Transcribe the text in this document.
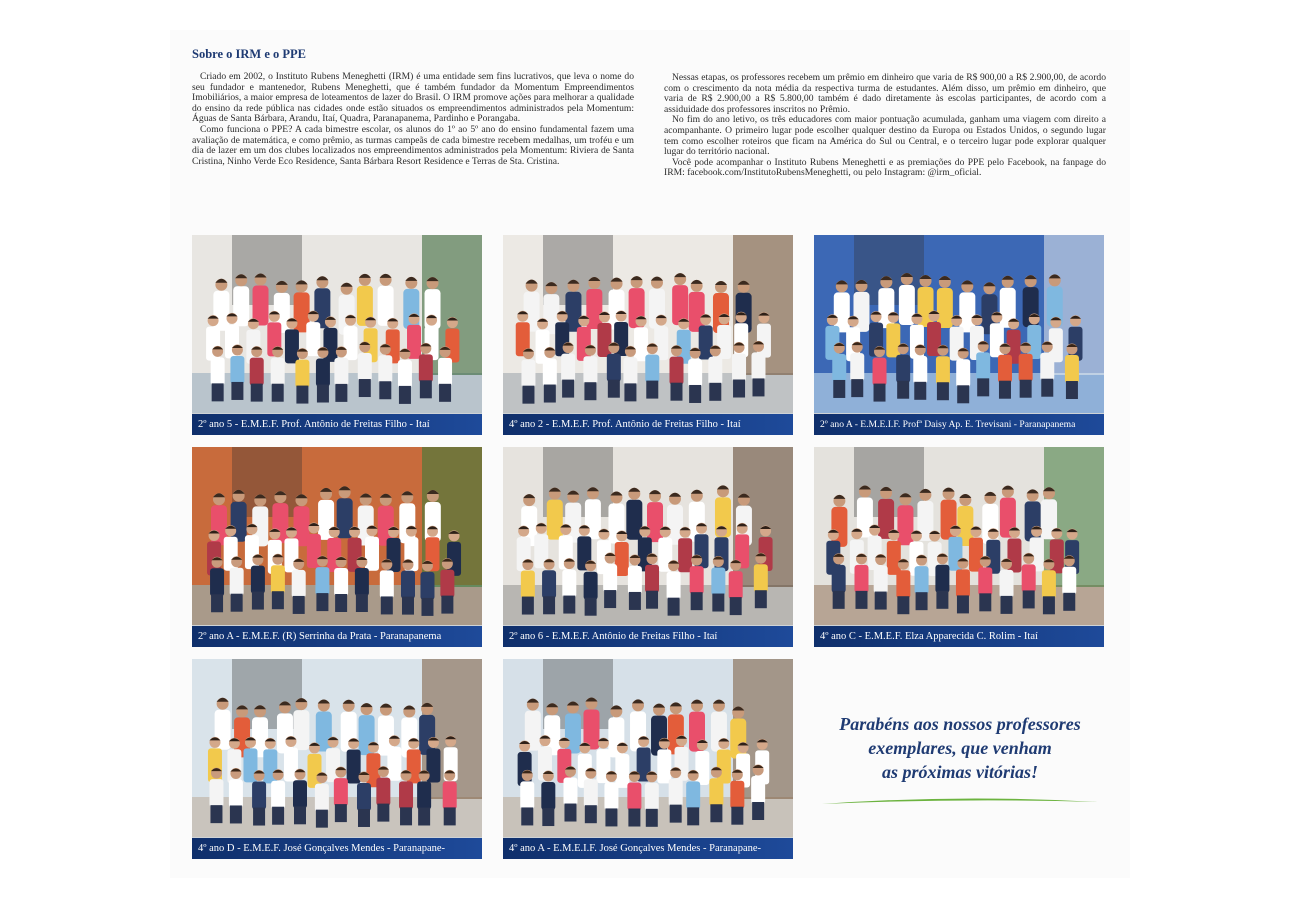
Sobre o IRM e o PPE

Criado em 2002, o Instituto Rubens Meneghetti (IRM) é uma entidade sem fins lucrativos, que leva o nome do seu fundador e mantenedor, Rubens Meneghetti, que é também fundador da Momentum Empreendimentos Imobiliários, a maior empresa de loteamentos de lazer do Brasil. O IRM promove ações para melhorar a qualidade do ensino da rede pública nas cidades onde estão situados os empreendimentos administrados pela Momentum: Águas de Santa Bárbara, Arandu, Itaí, Quadra, Paranapanema, Pardinho e Porangaba.

Como funciona o PPE? A cada bimestre escolar, os alunos do 1º ao 5º ano do ensino fundamental fazem uma avaliação de matemática, e como prêmio, as turmas campeãs de cada bimestre recebem medalhas, um troféu e um dia de lazer em um dos clubes localizados nos empreendimentos administrados pela Momentum: Riviera de Santa Cristina, Ninho Verde Eco Residence, Santa Bárbara Resort Residence e Terras de Sta. Cristina.

Nessas etapas, os professores recebem um prêmio em dinheiro que varia de R$ 900,00 a R$ 2.900,00, de acordo com o crescimento da nota média da respectiva turma de estudantes. Além disso, um prêmio em dinheiro, que varia de R$ 2.900,00 a R$ 5.800,00 também é dado diretamente às escolas participantes, de acordo com a assiduidade dos professores inscritos no Prêmio.

No fim do ano letivo, os três educadores com maior pontuação acumulada, ganham uma viagem com direito a acompanhante. O primeiro lugar pode escolher qualquer destino da Europa ou Estados Unidos, o segundo lugar tem como escolher roteiros que ficam na América do Sul ou Central, e o terceiro lugar pode explorar qualquer lugar do território nacional.

Você pode acompanhar o Instituto Rubens Meneghetti e as premiações do PPE pelo Facebook, na fanpage do IRM: facebook.com/InstitutoRubensMeneghetti, ou pelo Instagram: @irm_oficial.

2º ano 5 - E.M.E.F. Prof. Antônio de Freitas Filho - Itaí	4º ano 2 - E.M.E.F. Prof. Antônio de Freitas Filho - Itaí	2º ano A - E.M.E.I.F. Profª Daisy Ap. E. Trevisani - Paranapanema
2º ano A - E.M.E.F. (R) Serrinha da Prata - Paranapanema	2º ano 6 - E.M.E.F. Antônio de Freitas Filho - Itaí	4º ano C - E.M.E.F. Elza Apparecida C. Rolim - Itaí
4º ano D - E.M.E.F. José Gonçalves Mendes - Paranapane-	4º ano A - E.M.E.I.F. José Gonçalves Mendes - Paranapane-
Parabéns aos nossos professores
exemplares, que venham
as próximas vitórias!
